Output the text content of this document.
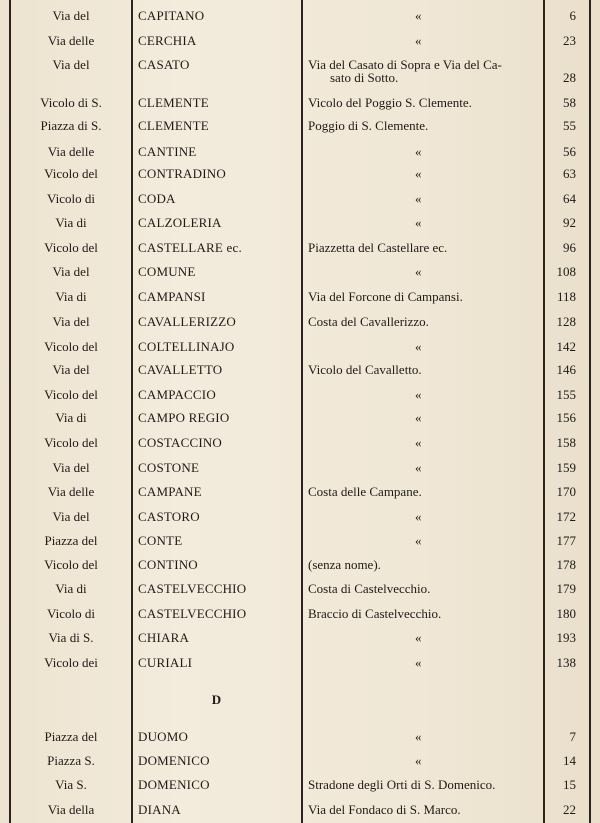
Via del	CAPITANO	«	6
Via delle	CERCHIA	«	23
Via del	CASATO	Via del Casato di Sopra e Via del Ca-
sato di Sotto.	28
Vicolo di S.	CLEMENTE	Vicolo del Poggio S. Clemente.	58
Piazza di S.	CLEMENTE	Poggio di S. Clemente.	55
Via delle	CANTINE	«	56
Vicolo del	CONTRADINO	«	63
Vicolo di	CODA	«	64
Via di	CALZOLERIA	«	92
Vicolo del	CASTELLARE ec.	Piazzetta del Castellare ec.	96
Via del	COMUNE	«	108
Via di	CAMPANSI	Via del Forcone di Campansi.	118
Via del	CAVALLERIZZO	Costa del Cavallerizzo.	128
Vicolo del	COLTELLINAJO	«	142
Via del	CAVALLETTO	Vicolo del Cavalletto.	146
Vicolo del	CAMPACCIO	«	155
Via di	CAMPO REGIO	«	156
Vicolo del	COSTACCINO	«	158
Via del	COSTONE	«	159
Via delle	CAMPANE	Costa delle Campane.	170
Via del	CASTORO	«	172
Piazza del	CONTE	«	177
Vicolo del	CONTINO	(senza nome).	178
Via di	CASTELVECCHIO	Costa di Castelvecchio.	179
Vicolo di	CASTELVECCHIO	Braccio di Castelvecchio.	180
Via di S.	CHIARA	«	193
Vicolo dei	CURIALI	«	138
Piazza del	DUOMO	«	7
Piazza S.	DOMENICO	«	14
Via S.	DOMENICO	Stradone degli Orti di S. Domenico.	15
Via della	DIANA	Via del Fondaco di S. Marco.	22
D
